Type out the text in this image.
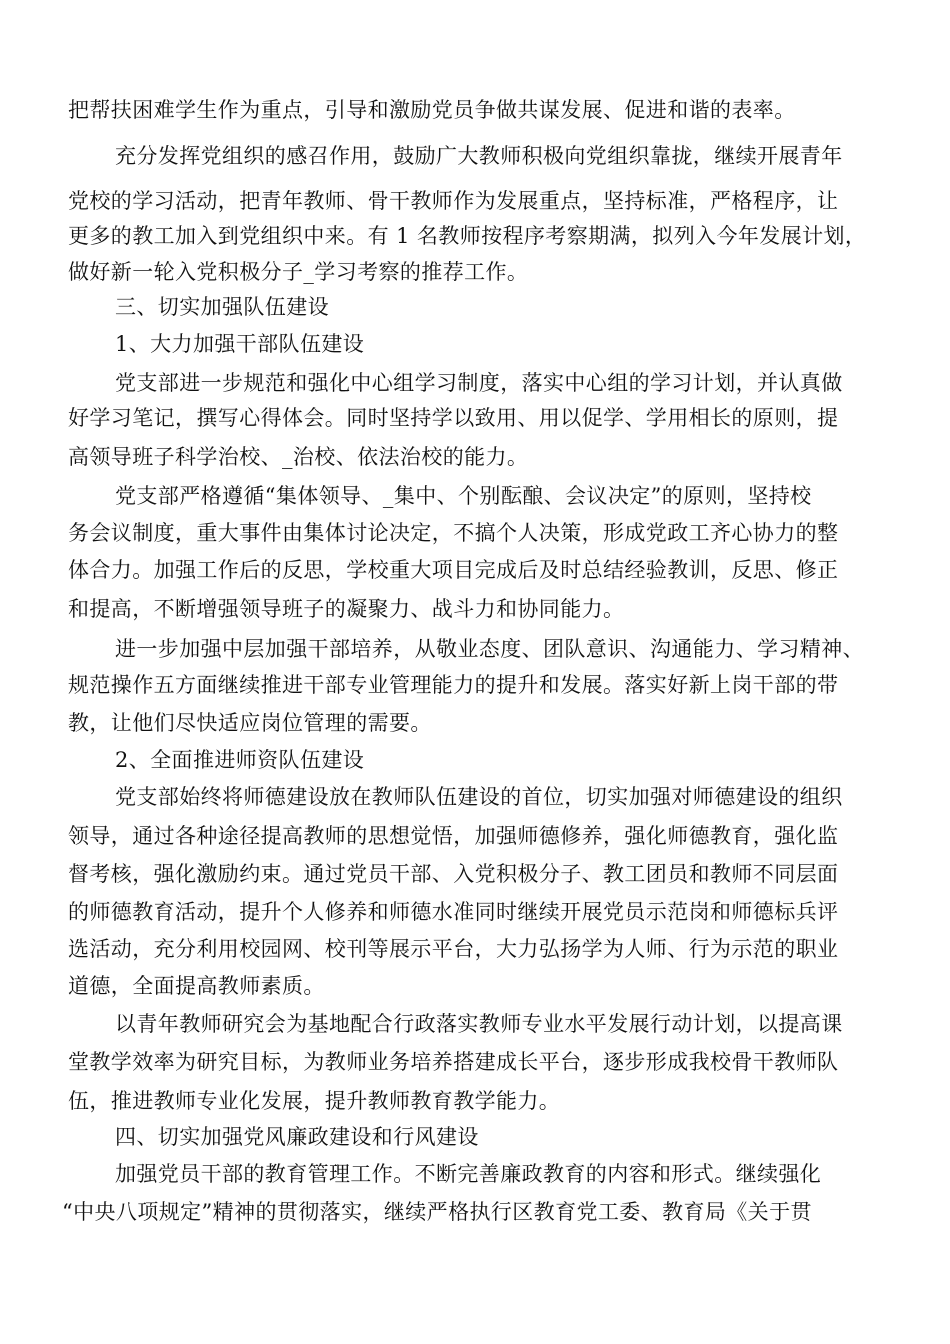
把帮扶困难学生作为重点，引导和激励党员争做共谋发展、促进和谐的表率。
充分发挥党组织的感召作用，鼓励广大教师积极向党组织靠拢，继续开展青年
党校的学习活动，把青年教师、骨干教师作为发展重点，坚持标准，严格程序，让
更多的教工加入到党组织中来。有 1 名教师按程序考察期满，拟列入今年发展计划，
做好新一轮入党积极分子_学习考察的推荐工作。
三、切实加强队伍建设
1、大力加强干部队伍建设
党支部进一步规范和强化中心组学习制度，落实中心组的学习计划，并认真做
好学习笔记，撰写心得体会。同时坚持学以致用、用以促学、学用相长的原则，提
高领导班子科学治校、_治校、依法治校的能力。
党支部严格遵循“集体领导、_集中、个别酝酿、会议决定”的原则，坚持校
务会议制度，重大事件由集体讨论决定，不搞个人决策，形成党政工齐心协力的整
体合力。加强工作后的反思，学校重大项目完成后及时总结经验教训，反思、修正
和提高，不断增强领导班子的凝聚力、战斗力和协同能力。
进一步加强中层加强干部培养，从敬业态度、团队意识、沟通能力、学习精神、
规范操作五方面继续推进干部专业管理能力的提升和发展。落实好新上岗干部的带
教，让他们尽快适应岗位管理的需要。
2、全面推进师资队伍建设
党支部始终将师德建设放在教师队伍建设的首位，切实加强对师德建设的组织
领导，通过各种途径提高教师的思想觉悟，加强师德修养，强化师德教育，强化监
督考核，强化激励约束。通过党员干部、入党积极分子、教工团员和教师不同层面
的师德教育活动，提升个人修养和师德水准同时继续开展党员示范岗和师德标兵评
选活动，充分利用校园网、校刊等展示平台，大力弘扬学为人师、行为示范的职业
道德，全面提高教师素质。
以青年教师研究会为基地配合行政落实教师专业水平发展行动计划，以提高课
堂教学效率为研究目标，为教师业务培养搭建成长平台，逐步形成我校骨干教师队
伍，推进教师专业化发展，提升教师教育教学能力。
四、切实加强党风廉政建设和行风建设
加强党员干部的教育管理工作。不断完善廉政教育的内容和形式。继续强化
“中央八项规定”精神的贯彻落实，继续严格执行区教育党工委、教育局《关于贯
